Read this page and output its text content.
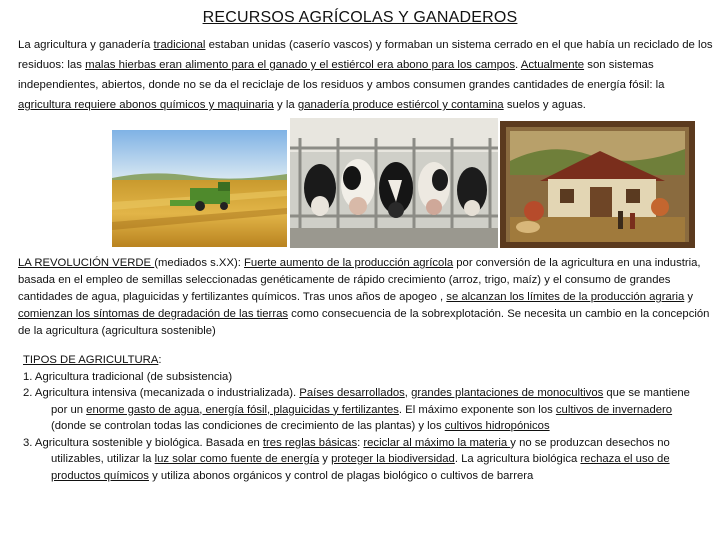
RECURSOS AGRÍCOLAS Y GANADEROS
La agricultura y ganadería tradicional estaban unidas (caserío vascos) y formaban un sistema cerrado en el que había un reciclado de los residuos: las malas hierbas eran alimento para el ganado y el estiércol era abono para los campos. Actualmente son sistemas independientes, abiertos, donde no se da el reciclaje de los residuos y ambos consumen grandes cantidades de energía fósil: la agricultura requiere abonos químicos y maquinaria y la ganadería produce estiércol y contamina suelos y aguas.
LA REVOLUCIÓN VERDE (mediados s.XX): Fuerte aumento de la producción agrícola por conversión de la agricultura en una industria, basada en el empleo de semillas seleccionadas genéticamente de rápido crecimiento (arroz, trigo, maíz) y el consumo de grandes cantidades de agua, plaguicidas y fertilizantes químicos. Tras unos años de apogeo , se alcanzan los límites de la producción agraria y comienzan los síntomas de degradación de las tierras como consecuencia de la sobrexplotación. Se necesita un cambio en la concepción de la agricultura (agricultura sostenible)
TIPOS DE AGRICULTURA:
1. Agricultura tradicional (de subsistencia)
2. Agricultura intensiva (mecanizada o industrializada). Países desarrollados, grandes plantaciones de monocultivos que se mantiene por un enorme gasto de agua, energía fósil, plaguicidas y fertilizantes. El máximo exponente son los cultivos de invernadero (donde se controlan todas las condiciones de crecimiento de las plantas) y los cultivos hidropónicos
3. Agricultura sostenible y biológica. Basada en tres reglas básicas: reciclar al máximo la materia y no se produzcan desechos no utilizables, utilizar la luz solar como fuente de energía y proteger la biodiversidad. La agricultura biológica rechaza el uso de productos químicos y utiliza abonos orgánicos y control de plagas biológico o cultivos de barrera
